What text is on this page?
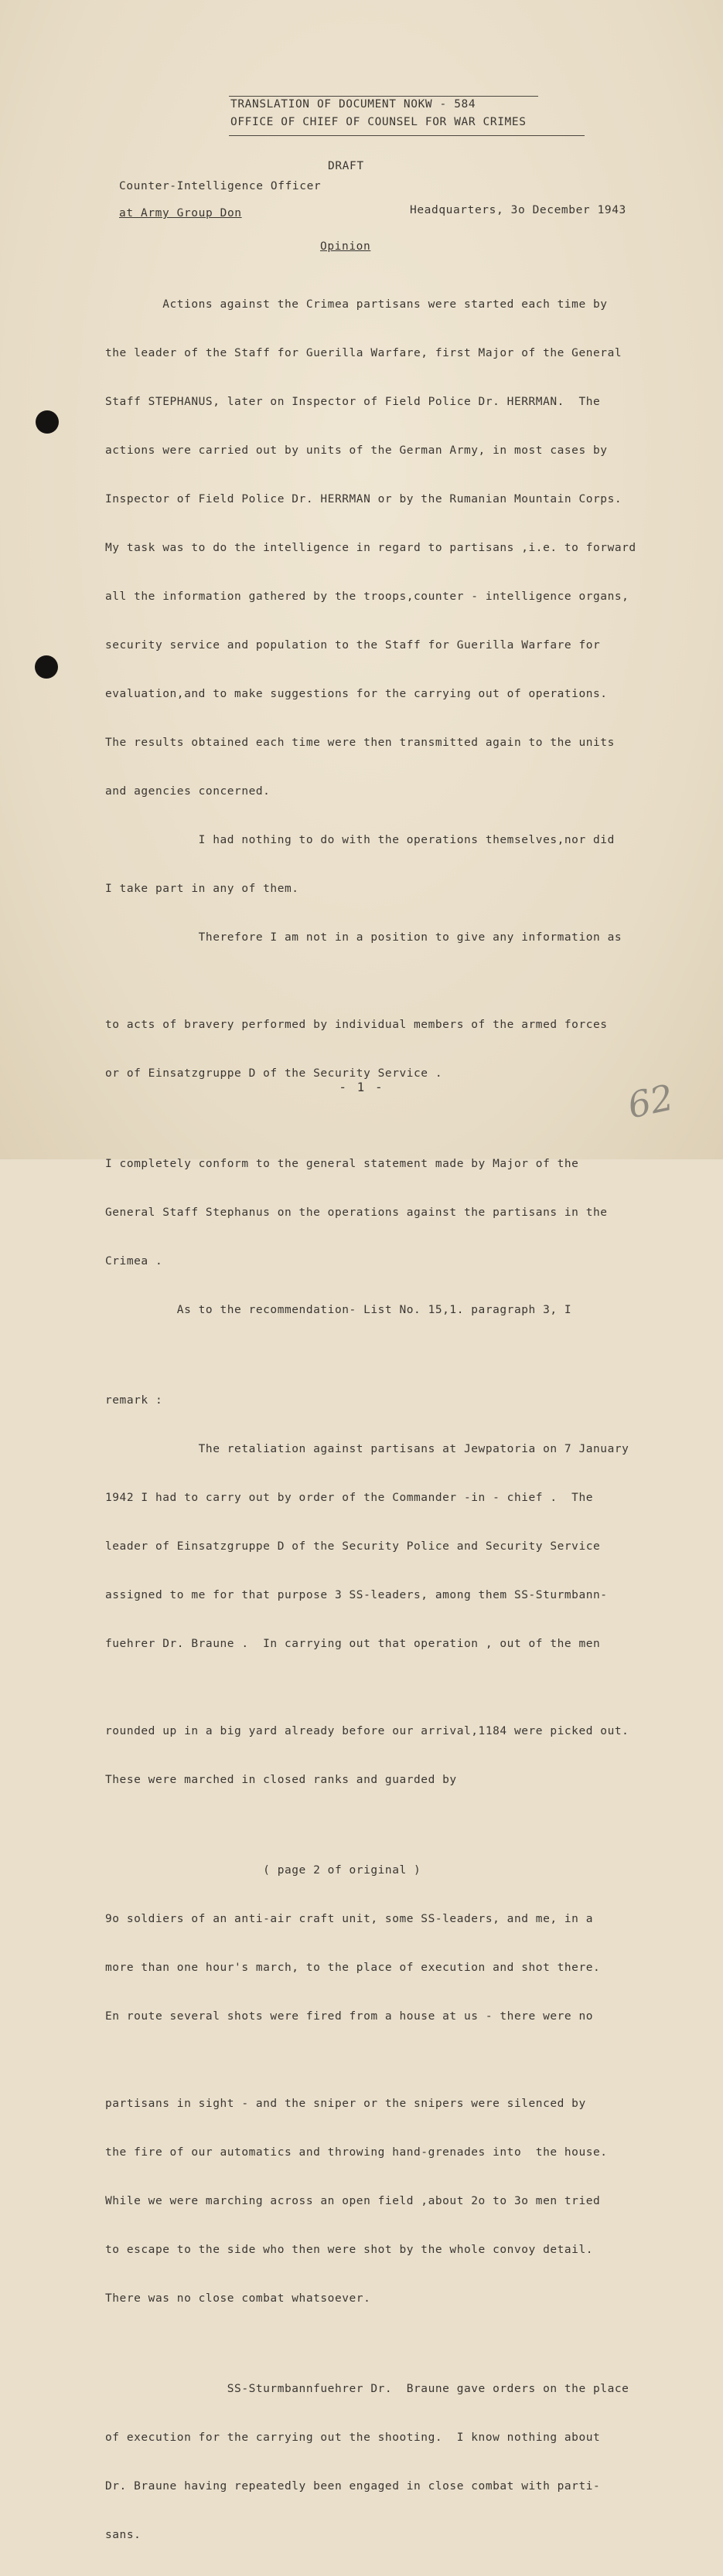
TRANSLATION OF DOCUMENT NOKW - 584
OFFICE OF CHIEF OF COUNSEL FOR WAR CRIMES
DRAFT
Counter-Intelligence Officer
at Army Group Don	Headquarters, 3o December 1943
Opinion

Actions against the Crimea partisans were started each time by

the leader of the Staff for Guerilla Warfare, first Major of the General

Staff STEPHANUS, later on Inspector of Field Police Dr. HERRMAN.  The

actions were carried out by units of the German Army, in most cases by

Inspector of Field Police Dr. HERRMAN or by the Rumanian Mountain Corps.

My task was to do the intelligence in regard to partisans ,i.e. to forward

all the information gathered by the troops,counter - intelligence organs,

security service and population to the Staff for Guerilla Warfare for

evaluation,and to make suggestions for the carrying out of operations.

The results obtained each time were then transmitted again to the units

and agencies concerned.

I had nothing to do with the operations themselves,nor did

I take part in any of them.

Therefore I am not in a position to give any information as

to acts of bravery performed by individual members of the armed forces

or of Einsatzgruppe D of the Security Service .

I completely conform to the general statement made by Major of the

General Staff Stephanus on the operations against the partisans in the

Crimea .

As to the recommendation- List No. 15,1. paragraph 3, I

remark :

The retaliation against partisans at Jewpatoria on 7 January

1942 I had to carry out by order of the Commander -in - chief .  The

leader of Einsatzgruppe D of the Security Police and Security Service

assigned to me for that purpose 3 SS-leaders, among them SS-Sturmbann-

fuehrer Dr. Braune .  In carrying out that operation , out of the men

rounded up in a big yard already before our arrival,1184 were picked out.

These were marched in closed ranks and guarded by

( page 2 of original )

9o soldiers of an anti-air craft unit, some SS-leaders, and me, in a

more than one hour's march, to the place of execution and shot there.

En route several shots were fired from a house at us - there were no

partisans in sight - and the sniper or the snipers were silenced by

the fire of our automatics and throwing hand-grenades into  the house.

While we were marching across an open field ,about 2o to 3o men tried

to escape to the side who then were shot by the whole convoy detail.

There was no close combat whatsoever.

SS-Sturmbannfuehrer Dr.  Braune gave orders on the place

of execution for the carrying out the shooting.  I know nothing about

Dr. Braune having repeatedly been engaged in close combat with parti-

sans.

- 1 -	62
